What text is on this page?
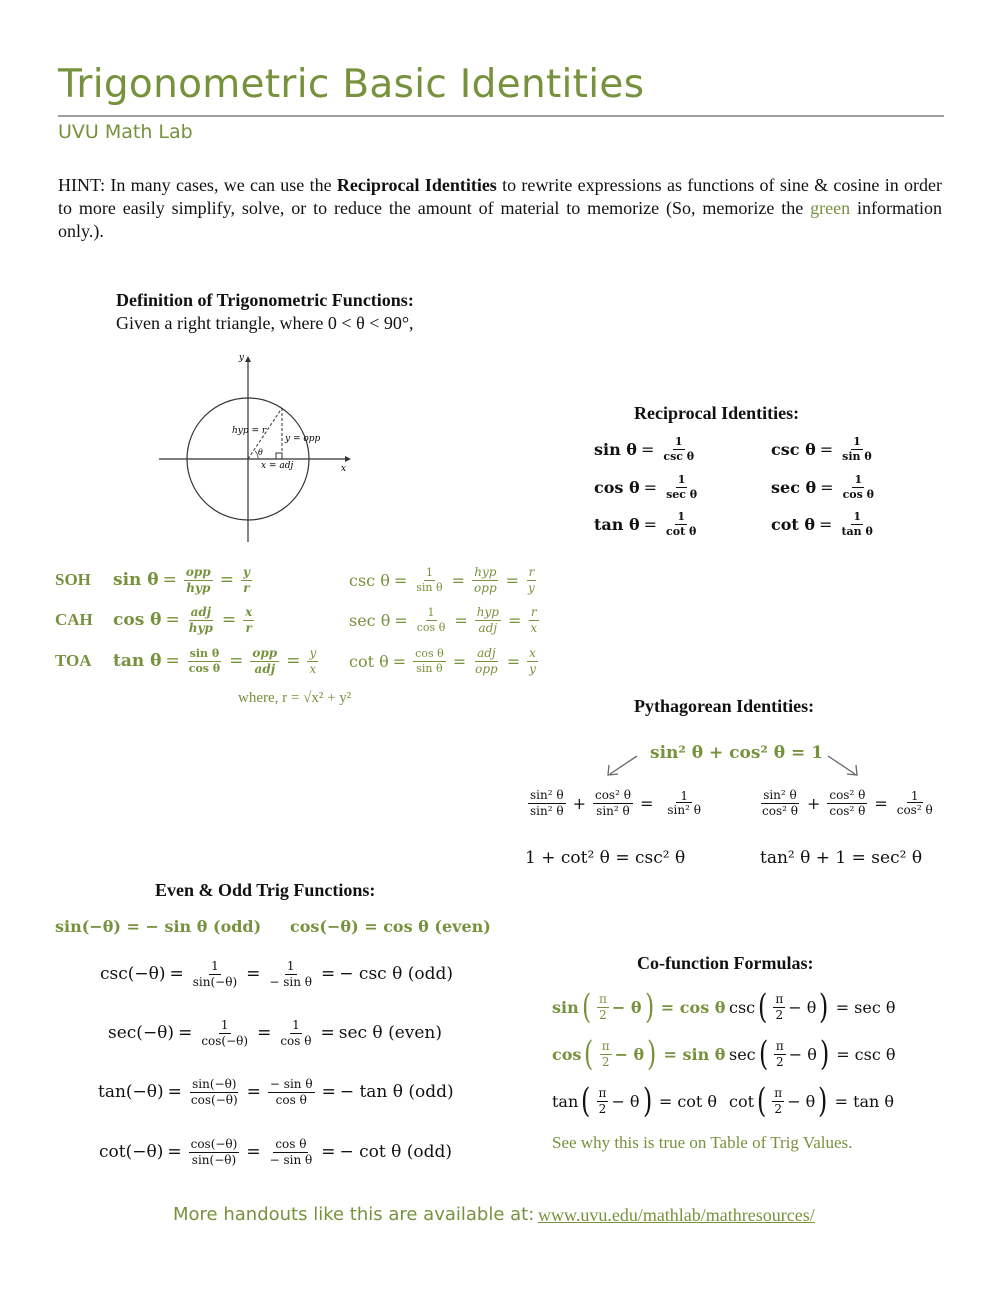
Trigonometric Basic Identities
UVU Math Lab
HINT: In many cases, we can use the Reciprocal Identities to rewrite expressions as functions of sine & cosine in order to more easily simplify, solve, or to reduce the amount of material to memorize (So, memorize the green information only.).
Definition of Trigonometric Functions:
Given a right triangle, where 0 < θ < 90°,
y
x
hyp = r
y = opp
x = adj
θ
SOH	$\sin \theta = \frac{\text{opp}}{\text{hyp}} = \frac{y}{r}$	$\csc \theta = \frac{1}{\text{sin θ}} = \frac{\text{hyp}}{\text{opp}} = \frac{r}{y}$
CAH	$\cos \theta = \frac{\text{adj}}{\text{hyp}} = \frac{x}{r}$	$\sec \theta = \frac{1}{\text{cos θ}} = \frac{\text{hyp}}{\text{adj}} = \frac{r}{x}$
TOA	$\tan \theta = \frac{\text{sin θ}}{\text{cos θ}} = \frac{\text{opp}}{\text{adj}} = \frac{y}{x}$ $\cot \theta = \frac{\text{cos θ}}{\text{sin θ}} = \frac{\text{adj}}{\text{opp}} = \frac{x}{y}$
where, r = √x² + y²
Reciprocal Identities:
$\sin \theta = \frac{1}{\text{csc θ}}$	$\csc \theta = \frac{1}{\text{sin θ}}$
$\cos \theta = \frac{1}{\text{sec θ}}$	$\sec \theta = \frac{1}{\text{cos θ}}$
$\tan \theta = \frac{1}{\text{cot θ}}$	$\cot \theta = \frac{1}{\text{tan θ}}$
Pythagorean Identities:
sin² θ + cos² θ = 1
$\frac{\text{sin² θ}}{\text{sin² θ}} + \frac{\text{cos² θ}}{\text{sin² θ}} = \frac{1}{\text{sin² θ}}$	$\frac{\text{sin² θ}}{\text{cos² θ}} + \frac{\text{cos² θ}}{\text{cos² θ}} = \frac{1}{\text{cos² θ}}$
1 + cot² θ = csc² θ	tan² θ + 1 = sec² θ
Even & Odd Trig Functions:
sin(−θ) = − sin θ (odd) cos(−θ) = cos θ (even)
$\csc(-\theta) = \frac{1}{\sin(-\theta)} = \frac{1}{\text{− sin θ}}$ = − csc θ (odd)
$\sec(-\theta) = \frac{1}{\cos(-\theta)} = \frac{1}{\text{cos θ}} = \sec \theta$ (even)
$\tan(-\theta) = \frac{\sin(-\theta)}{\cos(-\theta)} = \frac{\text{− sin θ}}{\text{cos θ}}$ = − tan θ (odd)
$\cot(-\theta) = \frac{\cos(-\theta)}{\sin(-\theta)} = \frac{\text{cos θ}}{\text{− sin θ}}$ = − cot θ (odd)
Co-function Formulas:
sin ( $\frac{\pi}{2} - \theta$ ) = cos θ csc ( $\frac{\pi}{2} - \theta$ ) = sec θ
cos ( $\frac{\pi}{2} - \theta$ ) = sin θ sec ( $\frac{\pi}{2} - \theta$ ) = csc θ
tan ( $\frac{\pi}{2} - \theta$ ) = cot θ cot ( $\frac{\pi}{2} - \theta$ ) = tan θ
See why this is true on Table of Trig Values.
More handouts like this are available at: www.uvu.edu/mathlab/mathresources/
